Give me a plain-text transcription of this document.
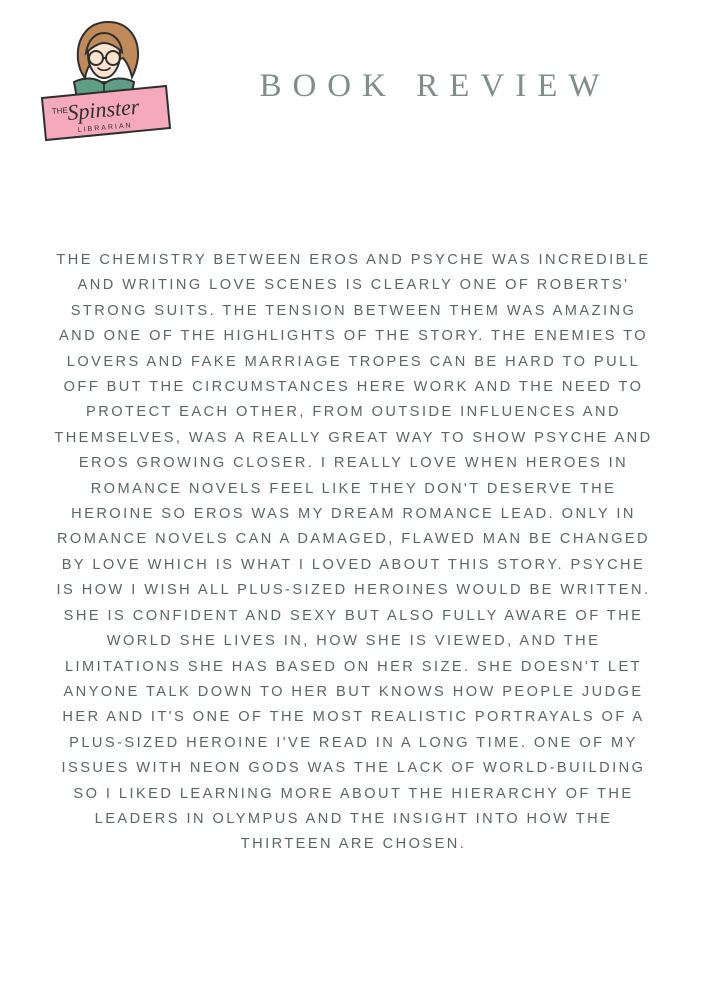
THE
Spinster
LIBRARIAN
BOOK REVIEW
THE CHEMISTRY BETWEEN EROS AND PSYCHE WAS INCREDIBLE AND WRITING LOVE SCENES IS CLEARLY ONE OF ROBERTS' STRONG SUITS. THE TENSION BETWEEN THEM WAS AMAZING AND ONE OF THE HIGHLIGHTS OF THE STORY. THE ENEMIES TO LOVERS AND FAKE MARRIAGE TROPES CAN BE HARD TO PULL OFF BUT THE CIRCUMSTANCES HERE WORK AND THE NEED TO PROTECT EACH OTHER, FROM OUTSIDE INFLUENCES AND THEMSELVES, WAS A REALLY GREAT WAY TO SHOW PSYCHE AND EROS GROWING CLOSER. I REALLY LOVE WHEN HEROES IN ROMANCE NOVELS FEEL LIKE THEY DON'T DESERVE THE HEROINE SO EROS WAS MY DREAM ROMANCE LEAD. ONLY IN ROMANCE NOVELS CAN A DAMAGED, FLAWED MAN BE CHANGED BY LOVE WHICH IS WHAT I LOVED ABOUT THIS STORY. PSYCHE IS HOW I WISH ALL PLUS-SIZED HEROINES WOULD BE WRITTEN. SHE IS CONFIDENT AND SEXY BUT ALSO FULLY AWARE OF THE WORLD SHE LIVES IN, HOW SHE IS VIEWED, AND THE LIMITATIONS SHE HAS BASED ON HER SIZE. SHE DOESN'T LET ANYONE TALK DOWN TO HER BUT KNOWS HOW PEOPLE JUDGE HER AND IT'S ONE OF THE MOST REALISTIC PORTRAYALS OF A PLUS-SIZED HEROINE I'VE READ IN A LONG TIME. ONE OF MY ISSUES WITH NEON GODS WAS THE LACK OF WORLD-BUILDING SO I LIKED LEARNING MORE ABOUT THE HIERARCHY OF THE LEADERS IN OLYMPUS AND THE INSIGHT INTO HOW THE THIRTEEN ARE CHOSEN.
